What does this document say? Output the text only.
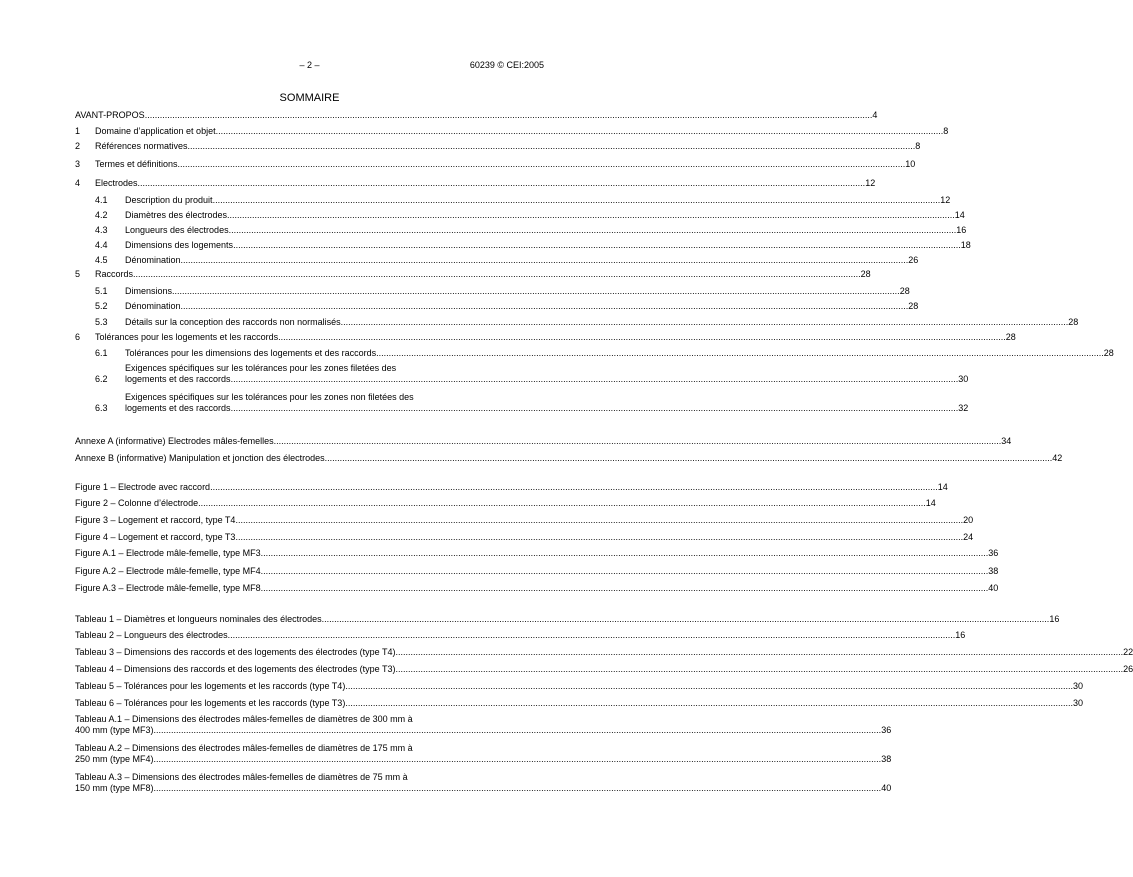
– 2 –	60239 © CEI:2005
SOMMAIRE
AVANT-PROPOS .....	4
1	Domaine d’application et objet .....	8
2	Références normatives .....	8
3	Termes et définitions .....	10
4	Electrodes .....	12
4.1	Description du produit .....	12
4.2	Diamètres des électrodes .....	14
4.3	Longueurs des électrodes .....	16
4.4	Dimensions des logements .....	18
4.5	Dénomination .....	26
5	Raccords .....	28
5.1	Dimensions .....	28
5.2	Dénomination .....	28
5.3	Détails sur la conception des raccords non normalisés .....	28
6	Tolérances pour les logements et les raccords .....	28
6.1	Tolérances pour les dimensions des logements et des raccords .....	28
6.2
Exigences spécifiques sur les tolérances pour les zones filetées des
logements et des raccords .....	30
6.3
Exigences spécifiques sur les tolérances pour les zones non filetées des
logements et des raccords .....	32
Annexe A (informative) Electrodes mâles-femelles .....	34
Annexe B (informative) Manipulation et jonction des électrodes .....	42
Figure 1 – Electrode avec raccord .....	14
Figure 2 – Colonne d’électrode .....	14
Figure 3 – Logement et raccord, type T4 .....	20
Figure 4 – Logement et raccord, type T3 .....	24
Figure A.1 – Electrode mâle-femelle, type MF3 .....	36
Figure A.2 – Electrode mâle-femelle, type MF4 .....	38
Figure A.3 – Electrode mâle-femelle, type MF8 .....	40
Tableau 1 – Diamètres et longueurs nominales des électrodes .....	16
Tableau 2 – Longueurs des électrodes .....	16
Tableau 3 – Dimensions des raccords et des logements des électrodes (type T4) .....	22
Tableau 4 – Dimensions des raccords et des logements des électrodes (type T3) .....	26
Tableau 5 – Tolérances pour les logements et les raccords (type T4) .....	30
Tableau 6 – Tolérances pour les logements et les raccords (type T3) .....	30
Tableau A.1 – Dimensions des électrodes mâles-femelles de diamètres de 300 mm à
400 mm (type MF3) .....	36
Tableau A.2 – Dimensions des électrodes mâles-femelles de diamètres de 175 mm à
250 mm (type MF4) .....	38
Tableau A.3 – Dimensions des électrodes mâles-femelles de diamètres de 75 mm à
150 mm (type MF8) .....	40
